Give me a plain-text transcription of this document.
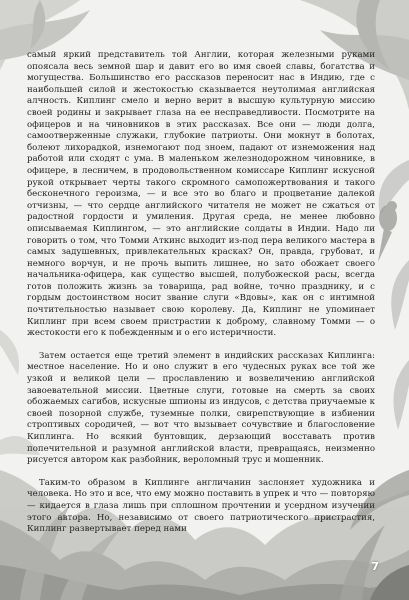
самый яркий представитель той Англии, которая железными руками опоясала весь земной шар и давит его во имя своей славы, богатства и могущества. Большинство его рассказов переносит нас в Индию, где с наибольшей силой и жестокостью сказывается неутолимая английская алчность. Киплинг смело и верно верит в высшую культурную миссию своей родины и закрывает глаза на ее несправедливости. Посмотрите на офицеров и на чиновников в этих рассказах. Все они — люди долга, самоотверженные служаки, глубокие патриоты. Они мокнут в болотах, болеют лихорадкой, изнемогают под зноем, падают от изнеможения над работой или сходят с ума. В маленьком железнодорожном чиновнике, в офицере, в лесничем, в продовольственном комиссаре Киплинг искусной рукой открывает черты такого скромного самопожертвования и такого бесконечного героизма, — и все это во благо и процветание далекой отчизны, — что сердце английского читателя не может не сжаться от радостной гордости и умиления. Другая среда, не менее любовно описываемая Киплингом, — это английские солдаты в Индии. Надо ли говорить о том, что Томми Аткинс выходит из-под пера великого мастера в самых задушевных, привлекательных красках? Он, правда, грубоват, и немного ворчун, и не прочь выпить лишнее, но зато обожает своего начальника-офицера, как существо высшей, полубожеской расы, всегда готов положить жизнь за товарища, рад войне, точно празднику, и с гордым достоинством носит звание слуги «Вдовы», как он с интимной почтительностью называет свою королеву. Да, Киплинг не упоминает Киплинг при всем своем пристрастии к доброму, славному Томми — о жестокости его к побежденным и о его истеричности.

Затем остается еще третий элемент в индийских рассказах Киплинга: местное население. Но и оно служит в его чудесных руках все той же узкой и великой цели — прославлению и возвеличению английской завоевательной миссии. Цветные слуги, готовые на смерть за своих обожаемых сагибов, искусные шпионы из индусов, с детства приучаемые к своей позорной службе, туземные полки, свирепствующие в избиении строптивых сородичей, — вот что вызывает сочувствие и благословение Киплинга. Но всякий бунтовщик, дерзающий восставать против попечительной и разумной английской власти, превращаясь, неизменно рисуется автором как разбойник, вероломный трус и мошенник.

Таким-то образом в Киплинге англичанин заслоняет художника и человека. Но это и все, что ему можно поставить в упрек и что — повторяю — кидается в глаза лишь при сплошном прочтении и усердном изучении этого автора. Но, независимо от своего патриотического пристрастия, Киплинг развертывает перед нами

7
